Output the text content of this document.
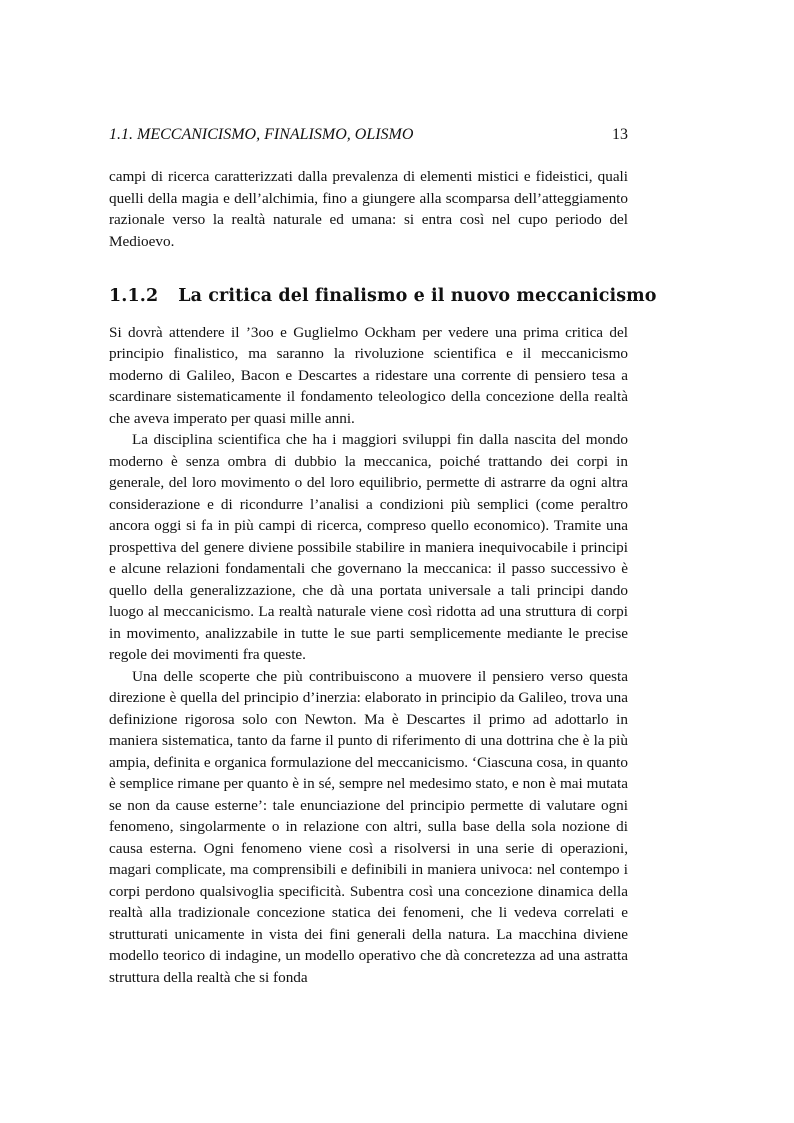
1.1. MECCANICISMO, FINALISMO, OLISMO	13

campi di ricerca caratterizzati dalla prevalenza di elementi mistici e fideistici, quali quelli della magia e dell’alchimia, fino a giungere alla scomparsa dell’atteggiamento razionale verso la realtà naturale ed umana: si entra così nel cupo periodo del Medioevo.

1.1.2 La critica del finalismo e il nuovo meccanicismo

Si dovrà attendere il ’3oo e Guglielmo Ockham per vedere una prima critica del principio finalistico, ma saranno la rivoluzione scientifica e il meccanicismo moderno di Galileo, Bacon e Descartes a ridestare una corrente di pensiero tesa a scardinare sistematicamente il fondamento teleologico della concezione della realtà che aveva imperato per quasi mille anni.

La disciplina scientifica che ha i maggiori sviluppi fin dalla nascita del mondo moderno è senza ombra di dubbio la meccanica, poiché trattando dei corpi in generale, del loro movimento o del loro equilibrio, permette di astrarre da ogni altra considerazione e di ricondurre l’analisi a condizioni più semplici (come peraltro ancora oggi si fa in più campi di ricerca, compreso quello economico). Tramite una prospettiva del genere diviene possibile stabilire in maniera inequivocabile i principi e alcune relazioni fondamentali che governano la meccanica: il passo successivo è quello della generalizzazione, che dà una portata universale a tali principi dando luogo al meccanicismo. La realtà naturale viene così ridotta ad una struttura di corpi in movimento, analizzabile in tutte le sue parti semplicemente mediante le precise regole dei movimenti fra queste.

Una delle scoperte che più contribuiscono a muovere il pensiero verso questa direzione è quella del principio d’inerzia: elaborato in principio da Galileo, trova una definizione rigorosa solo con Newton. Ma è Descartes il primo ad adottarlo in maniera sistematica, tanto da farne il punto di riferimento di una dottrina che è la più ampia, definita e organica formulazione del meccanicismo. ‘Ciascuna cosa, in quanto è semplice rimane per quanto è in sé, sempre nel medesimo stato, e non è mai mutata se non da cause esterne’: tale enunciazione del principio permette di valutare ogni fenomeno, singolarmente o in relazione con altri, sulla base della sola nozione di causa esterna. Ogni fenomeno viene così a risolversi in una serie di operazioni, magari complicate, ma comprensibili e definibili in maniera univoca: nel contempo i corpi perdono qualsivoglia specificità. Subentra così una concezione dinamica della realtà alla tradizionale concezione statica dei fenomeni, che li vedeva correlati e strutturati unicamente in vista dei fini generali della natura. La macchina diviene modello teorico di indagine, un modello operativo che dà concretezza ad una astratta struttura della realtà che si fonda
